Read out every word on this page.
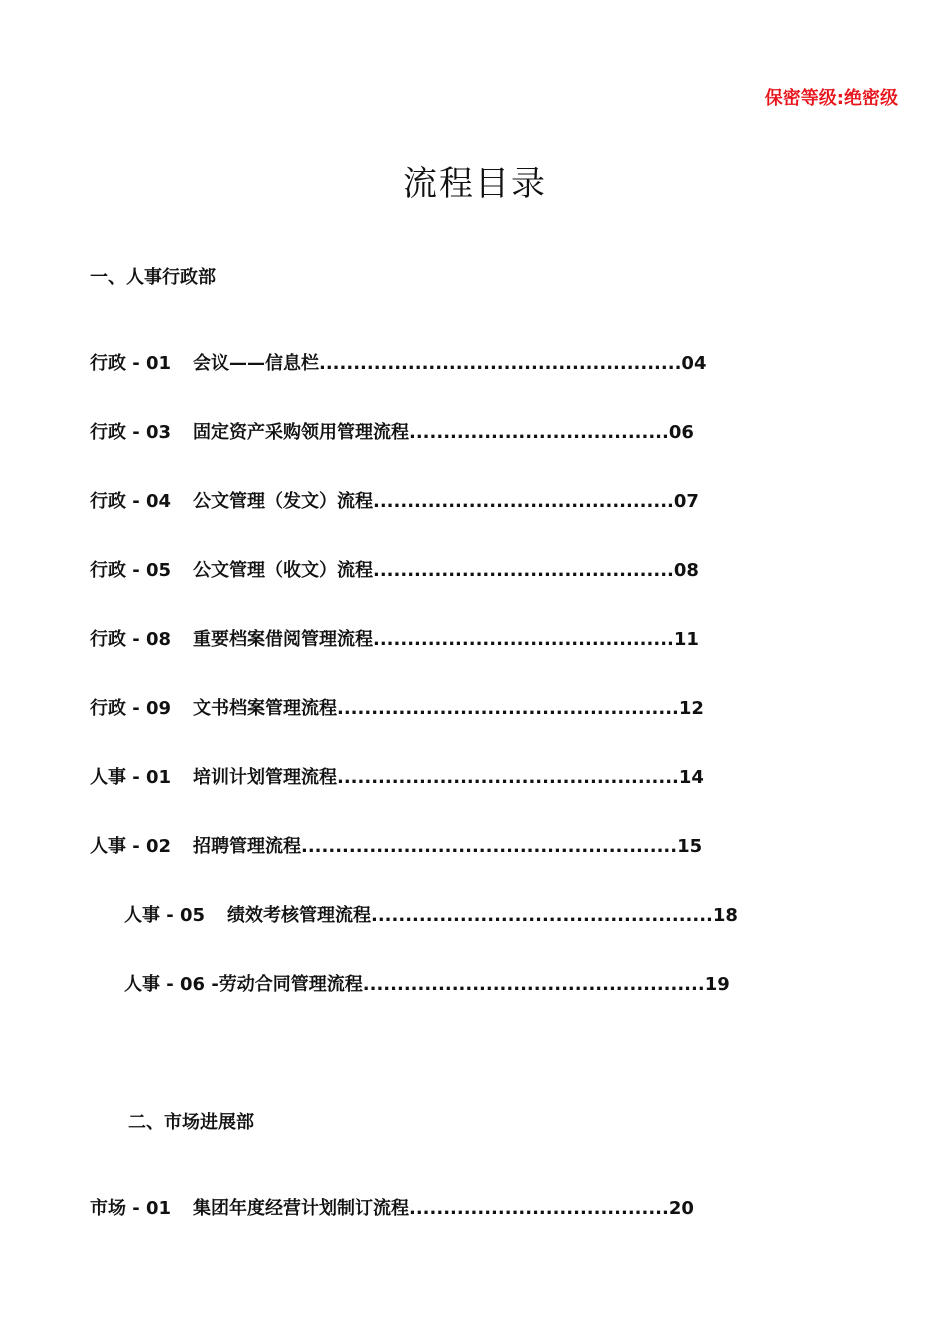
保密等级:绝密级
流程目录
一、人事行政部
行政 - 01	会议——信息栏 ..................................................... 04
行政 - 03	固定资产采购领用管理流程 ...................................... 06
行政 - 04	公文管理（发文）流程 ............................................ 07
行政 - 05	公文管理（收文）流程 ............................................ 08
行政 - 08	重要档案借阅管理流程 ............................................ 11
行政 - 09	文书档案管理流程 .................................................. 12
人事 - 01	培训计划管理流程 .................................................. 14
人事 - 02	招聘管理流程 ....................................................... 15
人事 - 05	绩效考核管理流程 .................................................. 18
人事 - 06 - 劳动合同管理流程 .................................................. 19
二、市场进展部
市场 - 01	集团年度经营计划制订流程 ...................................... 20
